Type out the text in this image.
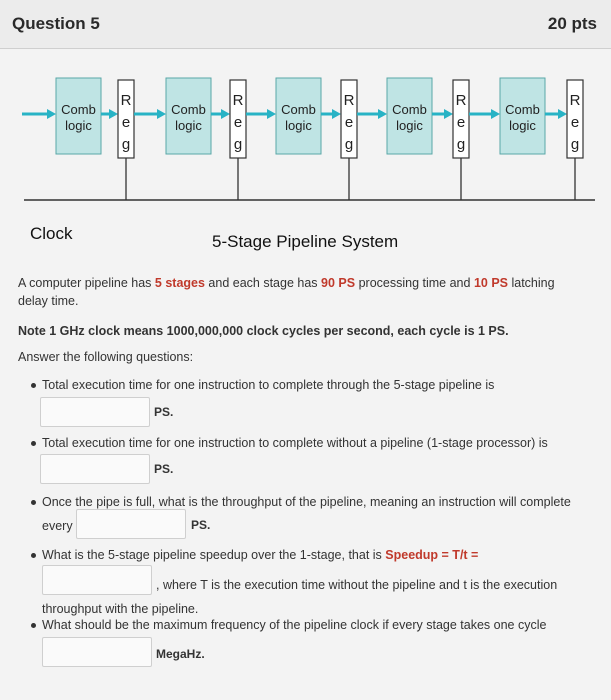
Question 5	20 pts
Comb
logic
R
e
g
Comb
logic
R
e
g
Comb
logic
R
e
g
Comb
logic
R
e
g
Comb
logic
R
e
g
Clock	5-Stage Pipeline System
A computer pipeline has 5 stages and each stage has 90 PS processing time and 10 PS latching
delay time.
Note 1 GHz clock means 1000,000,000 clock cycles per second, each cycle is 1 PS.
Answer the following questions:
Total execution time for one instruction to complete through the 5-stage pipeline is
PS.
Total execution time for one instruction to complete without a pipeline (1-stage processor) is
PS.
Once the pipe is full, what is the throughput of the pipeline, meaning an instruction will complete
every	PS.
What is the 5-stage pipeline speedup over the 1-stage, that is Speedup = T/t =
, where T is the execution time without the pipeline and t is the execution
throughput with the pipeline.
What should be the maximum frequency of the pipeline clock if every stage takes one cycle
MegaHz.
